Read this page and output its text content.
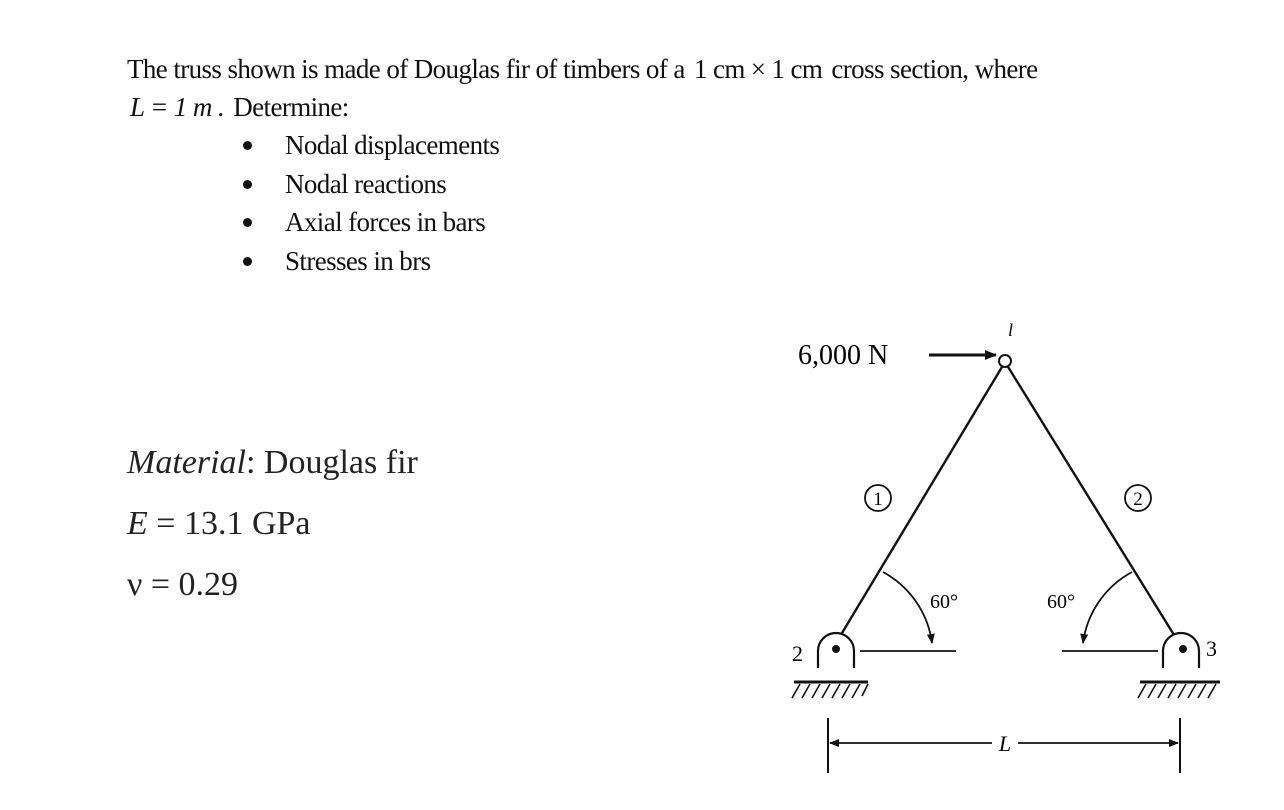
The truss shown is made of Douglas fir of timbers of a 1 cm × 1 cm cross section, where
L = 1 m . Determine:
Nodal displacements
Nodal reactions
Axial forces in bars
Stresses in brs
Material: Douglas fir
E = 13.1 GPa
ν = 0.29
l
6,000 N
1	2
60°	60°
2	3
L
